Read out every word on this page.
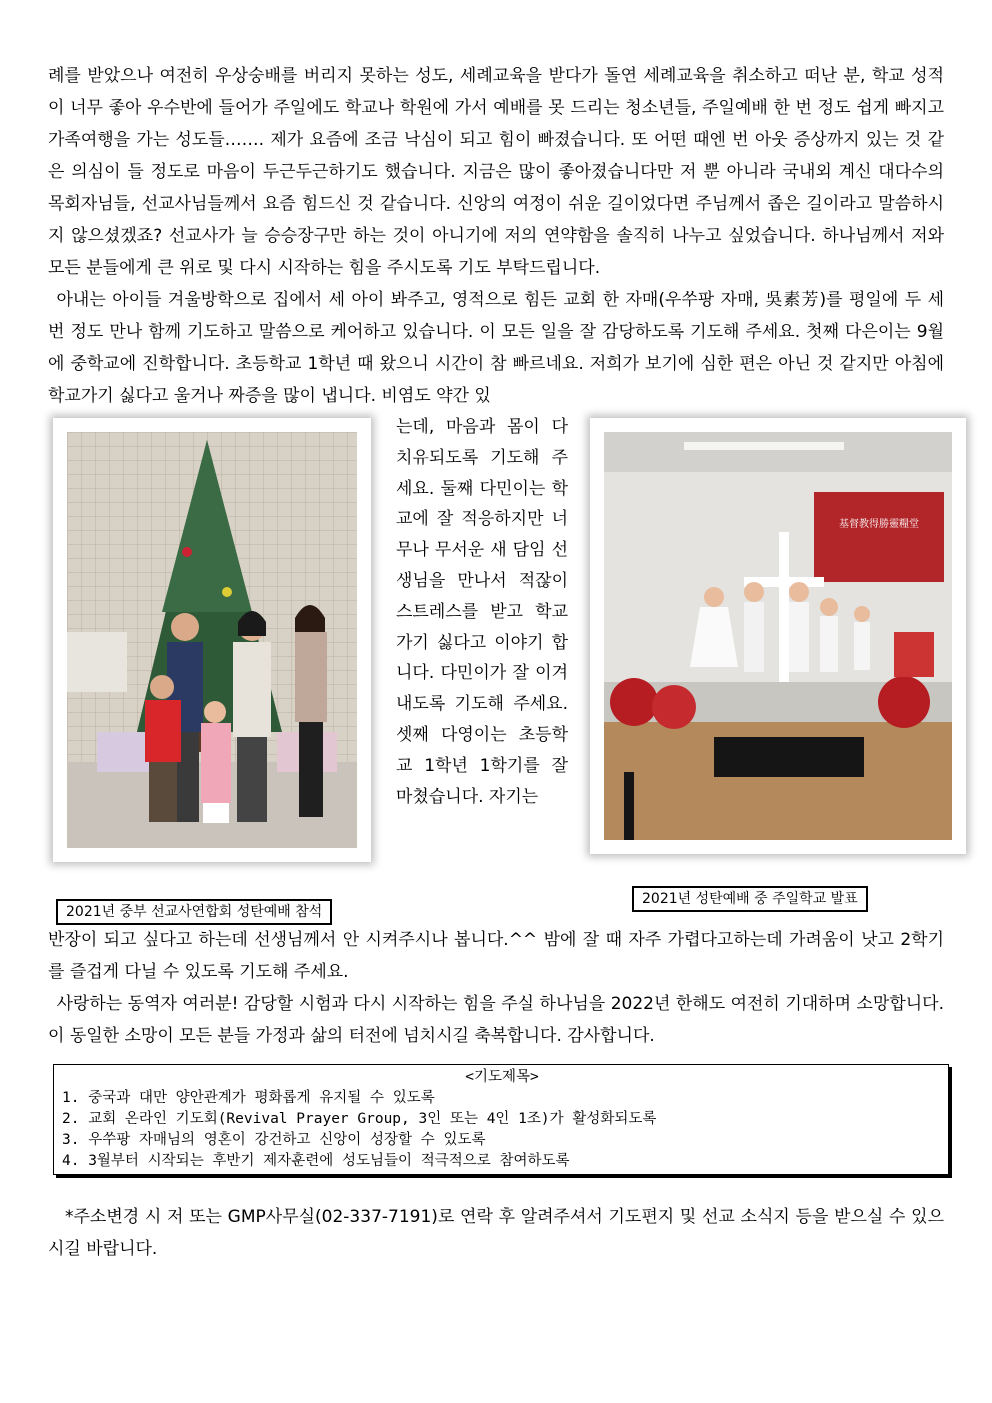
례를 받았으나 여전히 우상숭배를 버리지 못하는 성도, 세례교육을 받다가 돌연 세례교육을 취소하고 떠난 분, 학교 성적이 너무 좋아 우수반에 들어가 주일에도 학교나 학원에 가서 예배를 못 드리는 청소년들, 주일예배 한 번 정도 쉽게 빠지고 가족여행을 가는 성도들……. 제가 요즘에 조금 낙심이 되고 힘이 빠졌습니다. 또 어떤 때엔 번 아웃 증상까지 있는 것 같은 의심이 들 정도로 마음이 두근두근하기도 했습니다. 지금은 많이 좋아졌습니다만 저 뿐 아니라 국내외 계신 대다수의 목회자님들, 선교사님들께서 요즘 힘드신 것 같습니다. 신앙의 여정이 쉬운 길이었다면 주님께서 좁은 길이라고 말씀하시지 않으셨겠죠? 선교사가 늘 승승장구만 하는 것이 아니기에 저의 연약함을 솔직히 나누고 싶었습니다. 하나님께서 저와 모든 분들에게 큰 위로 및 다시 시작하는 힘을 주시도록 기도 부탁드립니다.

아내는 아이들 겨울방학으로 집에서 세 아이 봐주고, 영적으로 힘든 교회 한 자매(우쑤팡 자매, 吳素芳)를 평일에 두 세 번 정도 만나 함께 기도하고 말씀으로 케어하고 있습니다. 이 모든 일을 잘 감당하도록 기도해 주세요. 첫째 다은이는 9월에 중학교에 진학합니다. 초등학교 1학년 때 왔으니 시간이 참 빠르네요. 저희가 보기에 심한 편은 아닌 것 같지만 아침에 학교가기 싫다고 울거나 짜증을 많이 냅니다. 비염도 약간 있

는데, 마음과 몸이 다 치유되도록 기도해 주세요. 둘째 다민이는 학교에 잘 적응하지만 너무나 무서운 새 담임 선생님을 만나서 적잖이 스트레스를 받고 학교가기 싫다고 이야기 합니다. 다민이가 잘 이겨내도록 기도해 주세요. 셋째 다영이는 초등학교 1학년 1학기를 잘 마쳤습니다. 자기는

基督教得勝靈糧堂
2021년 중부 선교사연합회 성탄예배 참석
2021년 성탄예배 중 주일학교 발표

반장이 되고 싶다고 하는데 선생님께서 안 시켜주시나 봅니다.^^ 밤에 잘 때 자주 가렵다고하는데 가려움이 낫고 2학기를 즐겁게 다닐 수 있도록 기도해 주세요.

사랑하는 동역자 여러분! 감당할 시험과 다시 시작하는 힘을 주실 하나님을 2022년 한해도 여전히 기대하며 소망합니다. 이 동일한 소망이 모든 분들 가정과 삶의 터전에 넘치시길 축복합니다. 감사합니다.

<기도제목>
1. 중국과 대만 양안관계가 평화롭게 유지될 수 있도록
2. 교회 온라인 기도회(Revival Prayer Group, 3인 또는 4인 1조)가 활성화되도록
3. 우쑤팡 자매님의 영혼이 강건하고 신앙이 성장할 수 있도록
4. 3월부터 시작되는 후반기 제자훈련에 성도님들이 적극적으로 참여하도록

*주소변경 시 저 또는 GMP사무실(02-337-7191)로 연락 후 알려주셔서 기도편지 및 선교 소식지 등을 받으실 수 있으시길 바랍니다.
